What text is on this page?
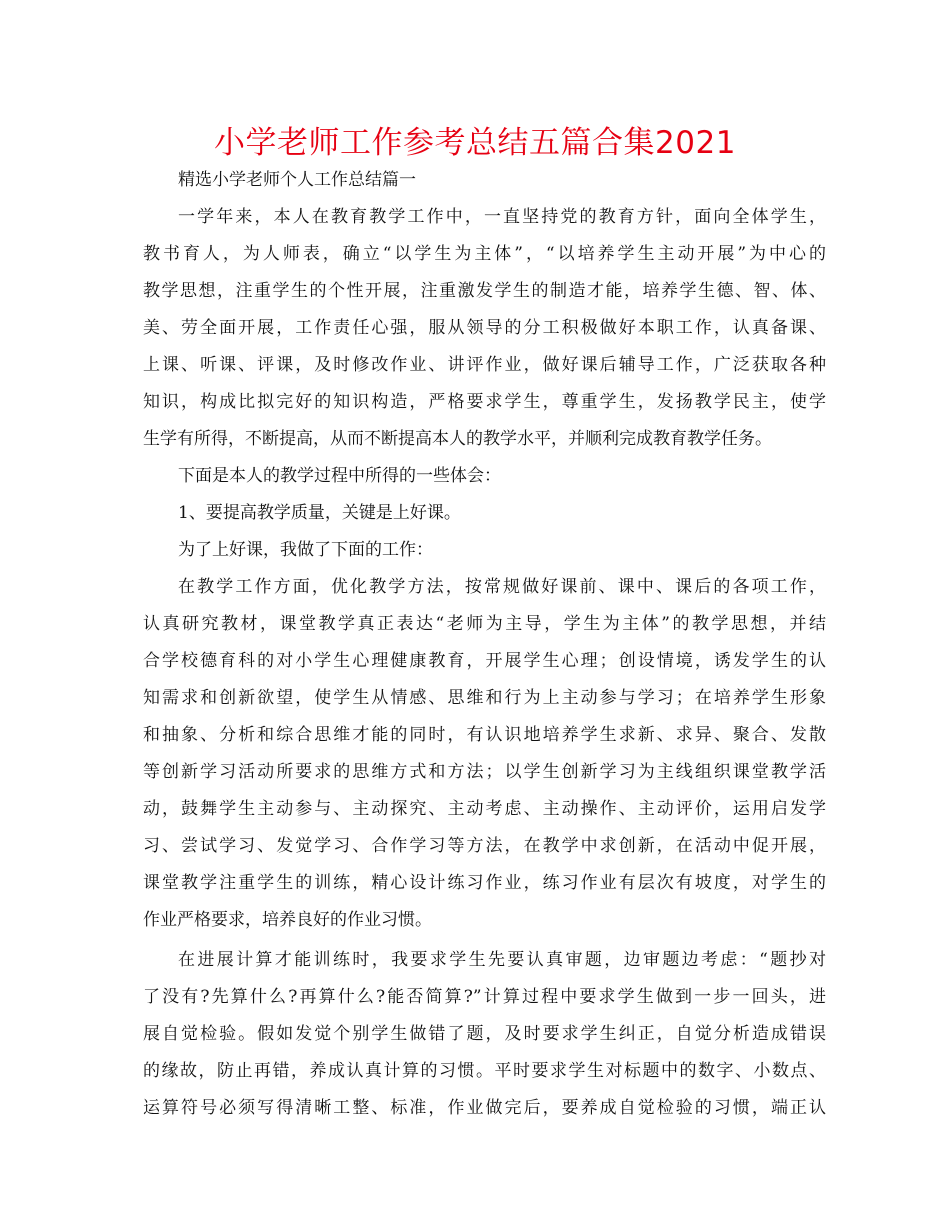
小学老师工作参考总结五篇合集2021
精选小学老师个人工作总结篇一
一学年来，本人在教育教学工作中，一直坚持党的教育方针，面向全体学生，
教书育人，为人师表，确立“以学生为主体”，“以培养学生主动开展”为中心的
教学思想，注重学生的个性开展，注重激发学生的制造才能，培养学生德、智、体、
美、劳全面开展，工作责任心强，服从领导的分工积极做好本职工作，认真备课、
上课、听课、评课，及时修改作业、讲评作业，做好课后辅导工作，广泛获取各种
知识，构成比拟完好的知识构造，严格要求学生，尊重学生，发扬教学民主，使学
生学有所得，不断提高，从而不断提高本人的教学水平，并顺利完成教育教学任务。
下面是本人的教学过程中所得的一些体会：
1、要提高教学质量，关键是上好课。
为了上好课，我做了下面的工作：
在教学工作方面，优化教学方法，按常规做好课前、课中、课后的各项工作，
认真研究教材，课堂教学真正表达“老师为主导，学生为主体”的教学思想，并结
合学校德育科的对小学生心理健康教育，开展学生心理；创设情境，诱发学生的认
知需求和创新欲望，使学生从情感、思维和行为上主动参与学习；在培养学生形象
和抽象、分析和综合思维才能的同时，有认识地培养学生求新、求异、聚合、发散
等创新学习活动所要求的思维方式和方法；以学生创新学习为主线组织课堂教学活
动，鼓舞学生主动参与、主动探究、主动考虑、主动操作、主动评价，运用启发学
习、尝试学习、发觉学习、合作学习等方法，在教学中求创新，在活动中促开展，
课堂教学注重学生的训练，精心设计练习作业，练习作业有层次有坡度，对学生的
作业严格要求，培养良好的作业习惯。
在进展计算才能训练时，我要求学生先要认真审题，边审题边考虑：“题抄对
了没有?先算什么?再算什么?能否简算?”计算过程中要求学生做到一步一回头，进
展自觉检验。假如发觉个别学生做错了题，及时要求学生纠正，自觉分析造成错误
的缘故，防止再错，养成认真计算的习惯。平时要求学生对标题中的数字、小数点、
运算符号必须写得清晰工整、标准，作业做完后，要养成自觉检验的习惯，端正认
